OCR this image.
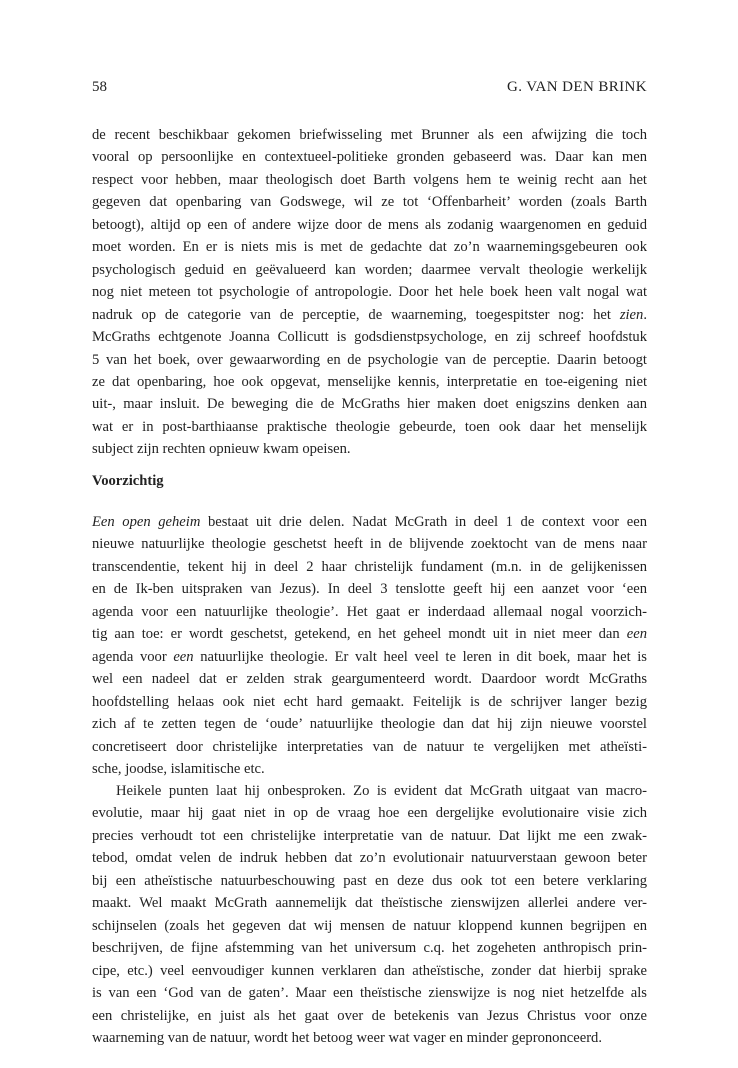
58	G. VAN DEN BRINK
de recent beschikbaar gekomen briefwisseling met Brunner als een afwijzing die toch
vooral op persoonlijke en contextueel-politieke gronden gebaseerd was. Daar kan men
respect voor hebben, maar theologisch doet Barth volgens hem te weinig recht aan het
gegeven dat openbaring van Godswege, wil ze tot ‘Offenbarheit’ worden (zoals Barth
betoogt), altijd op een of andere wijze door de mens als zodanig waargenomen en geduid
moet worden. En er is niets mis is met de gedachte dat zo’n waarnemingsgebeuren ook
psychologisch geduid en geëvalueerd kan worden; daarmee vervalt theologie werkelijk
nog niet meteen tot psychologie of antropologie. Door het hele boek heen valt nogal wat
nadruk op de categorie van de perceptie, de waarneming, toegespitster nog: het zien.
McGraths echtgenote Joanna Collicutt is godsdienstpsychologe, en zij schreef hoofdstuk
5 van het boek, over gewaarwording en de psychologie van de perceptie. Daarin betoogt
ze dat openbaring, hoe ook opgevat, menselijke kennis, interpretatie en toe-eigening niet
uit-, maar insluit. De beweging die de McGraths hier maken doet enigszins denken aan
wat er in post-barthiaanse praktische theologie gebeurde, toen ook daar het menselijk
subject zijn rechten opnieuw kwam opeisen.
Voorzichtig
Een open geheim bestaat uit drie delen. Nadat McGrath in deel 1 de context voor een
nieuwe natuurlijke theologie geschetst heeft in de blijvende zoektocht van de mens naar
transcendentie, tekent hij in deel 2 haar christelijk fundament (m.n. in de gelijkenissen
en de Ik-ben uitspraken van Jezus). In deel 3 tenslotte geeft hij een aanzet voor ‘een
agenda voor een natuurlijke theologie’. Het gaat er inderdaad allemaal nogal voorzich-
tig aan toe: er wordt geschetst, getekend, en het geheel mondt uit in niet meer dan een
agenda voor een natuurlijke theologie. Er valt heel veel te leren in dit boek, maar het is
wel een nadeel dat er zelden strak geargumenteerd wordt. Daardoor wordt McGraths
hoofdstelling helaas ook niet echt hard gemaakt. Feitelijk is de schrijver langer bezig
zich af te zetten tegen de ‘oude’ natuurlijke theologie dan dat hij zijn nieuwe voorstel
concretiseert door christelijke interpretaties van de natuur te vergelijken met atheïsti-
sche, joodse, islamitische etc.
Heikele punten laat hij onbesproken. Zo is evident dat McGrath uitgaat van macro-
evolutie, maar hij gaat niet in op de vraag hoe een dergelijke evolutionaire visie zich
precies verhoudt tot een christelijke interpretatie van de natuur. Dat lijkt me een zwak-
tebod, omdat velen de indruk hebben dat zo’n evolutionair natuurverstaan gewoon beter
bij een atheïstische natuurbeschouwing past en deze dus ook tot een betere verklaring
maakt. Wel maakt McGrath aannemelijk dat theïstische zienswijzen allerlei andere ver-
schijnselen (zoals het gegeven dat wij mensen de natuur kloppend kunnen begrijpen en
beschrijven, de fijne afstemming van het universum c.q. het zogeheten anthropisch prin-
cipe, etc.) veel eenvoudiger kunnen verklaren dan atheïstische, zonder dat hierbij sprake
is van een ‘God van de gaten’. Maar een theïstische zienswijze is nog niet hetzelfde als
een christelijke, en juist als het gaat over de betekenis van Jezus Christus voor onze
waarneming van de natuur, wordt het betoog weer wat vager en minder geprononceerd.
